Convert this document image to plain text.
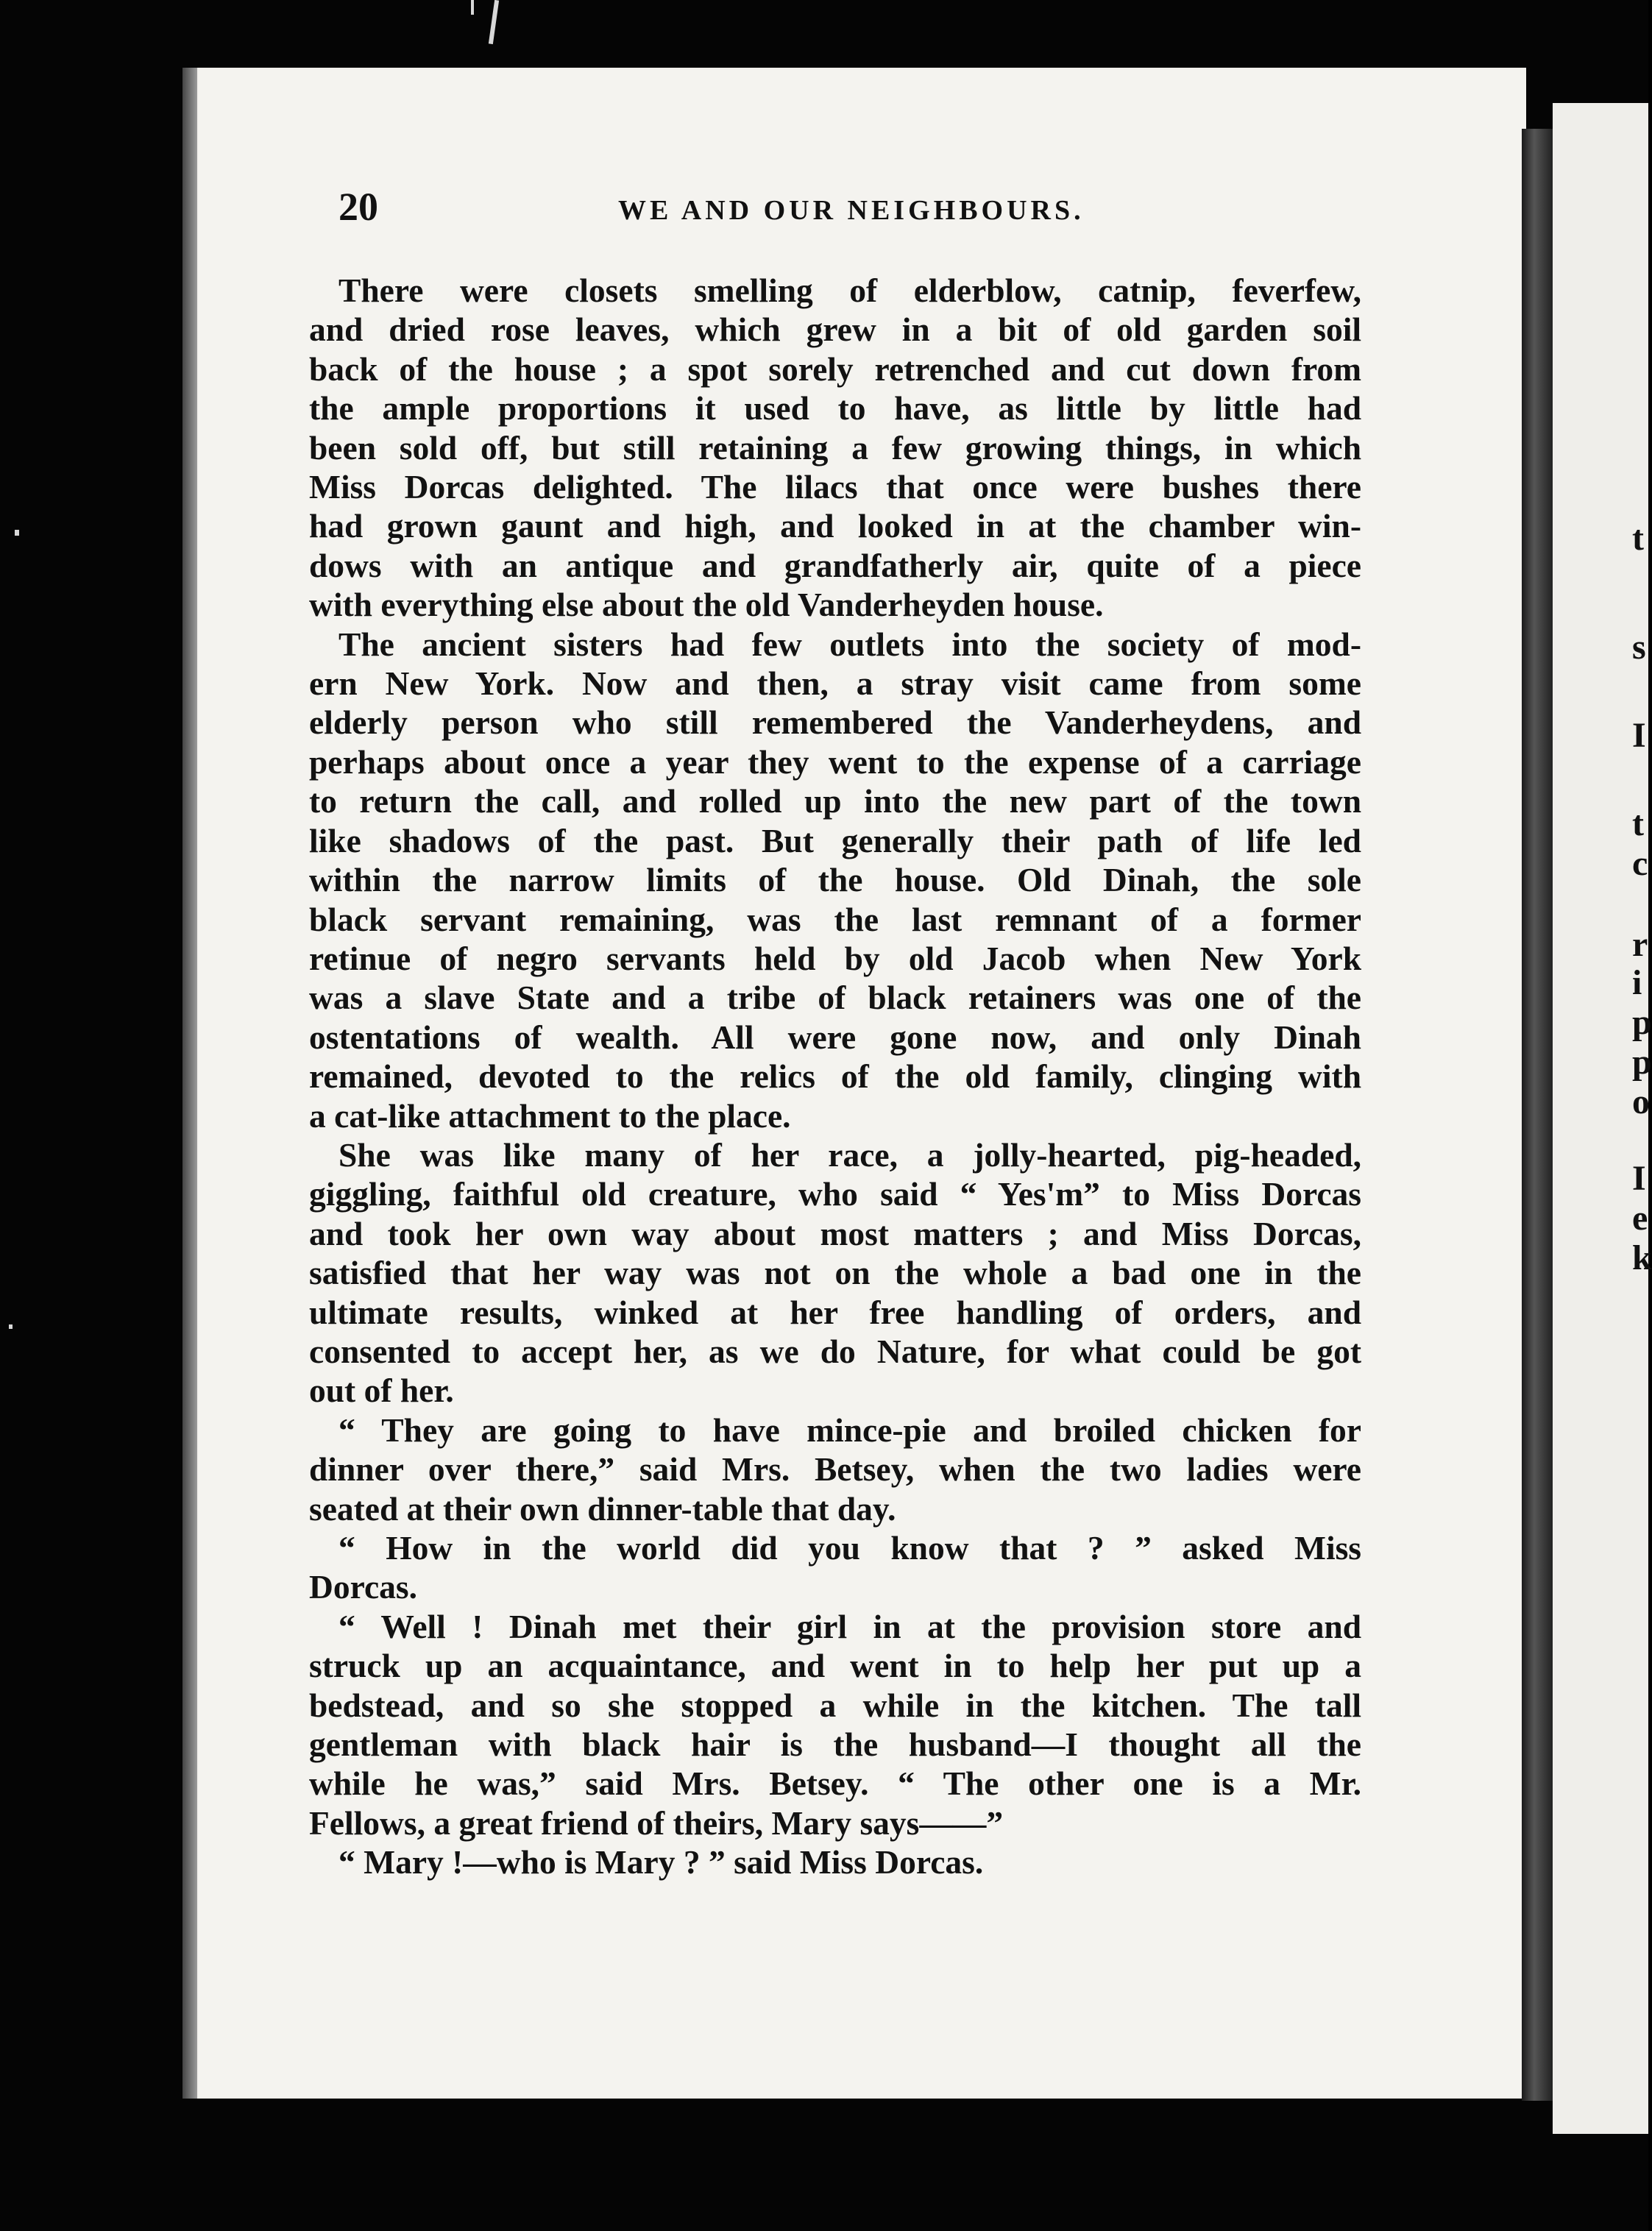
t
s
I
t
c
r
i
p
p
o
I
e
k
20	WE AND OUR NEIGHBOURS.
There were closets smelling of elderblow, catnip, feverfew,
and dried rose leaves, which grew in a bit of old garden soil
back of the house ; a spot sorely retrenched and cut down from
the ample proportions it used to have, as little by little had
been sold off, but still retaining a few growing things, in which
Miss Dorcas delighted. The lilacs that once were bushes there
had grown gaunt and high, and looked in at the chamber win-
dows with an antique and grandfatherly air, quite of a piece
with everything else about the old Vanderheyden house.
The ancient sisters had few outlets into the society of mod-
ern New York. Now and then, a stray visit came from some
elderly person who still remembered the Vanderheydens, and
perhaps about once a year they went to the expense of a carriage
to return the call, and rolled up into the new part of the town
like shadows of the past. But generally their path of life led
within the narrow limits of the house. Old Dinah, the sole
black servant remaining, was the last remnant of a former
retinue of negro servants held by old Jacob when New York
was a slave State and a tribe of black retainers was one of the
ostentations of wealth. All were gone now, and only Dinah
remained, devoted to the relics of the old family, clinging with
a cat-like attachment to the place.
She was like many of her race, a jolly-hearted, pig-headed,
giggling, faithful old creature, who said “ Yes'm” to Miss Dorcas
and took her own way about most matters ; and Miss Dorcas,
satisfied that her way was not on the whole a bad one in the
ultimate results, winked at her free handling of orders, and
consented to accept her, as we do Nature, for what could be got
out of her.
“ They are going to have mince-pie and broiled chicken for
dinner over there,” said Mrs. Betsey, when the two ladies were
seated at their own dinner-table that day.
“ How in the world did you know that ? ” asked Miss
Dorcas.
“ Well ! Dinah met their girl in at the provision store and
struck up an acquaintance, and went in to help her put up a
bedstead, and so she stopped a while in the kitchen. The tall
gentleman with black hair is the husband—I thought all the
while he was,” said Mrs. Betsey. “ The other one is a Mr.
Fellows, a great friend of theirs, Mary says——”
“ Mary !—who is Mary ? ” said Miss Dorcas.
